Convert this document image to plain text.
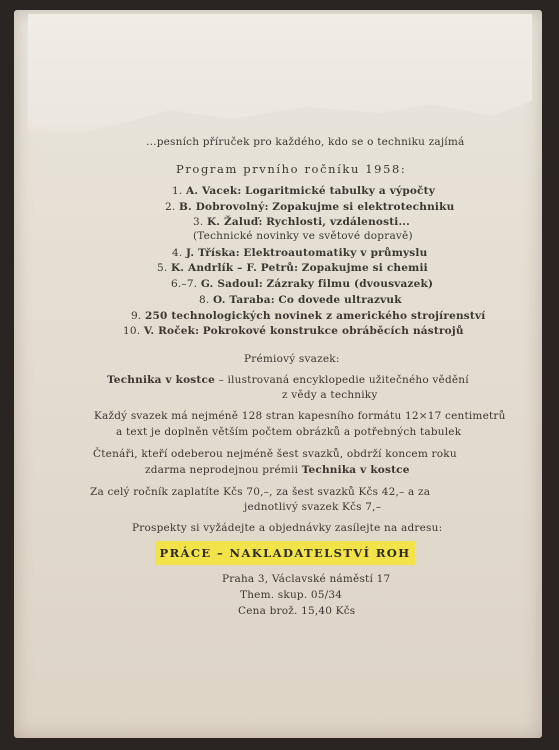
…pesních příruček pro každého, kdo se o techniku zajímá
Program prvního ročníku 1958:
1. A. Vacek: Logaritmické tabulky a výpočty
2. B. Dobrovolný: Zopakujme si elektrotechniku
3. K. Žaluď: Rychlosti, vzdálenosti...
(Technické novinky ve světové dopravě)
4. J. Tříska: Elektroautomatiky v průmyslu
5. K. Andrlík – F. Petrů: Zopakujme si chemii
6.–7. G. Sadoul: Zázraky filmu (dvousvazek)
8. O. Taraba: Co dovede ultrazvuk
9. 250 technologických novinek z amerického strojírenství
10. V. Roček: Pokrokové konstrukce obráběcích nástrojů
Prémiový svazek:
Technika v kostce – ilustrovaná encyklopedie užitečného vědění
z vědy a techniky
Každý svazek má nejméně 128 stran kapesního formátu 12×17 centimetrů
a text je doplněn větším počtem obrázků a potřebných tabulek
Čtenáři, kteří odeberou nejméně šest svazků, obdrží koncem roku
zdarma neprodejnou prémii Technika v kostce
Za celý ročník zaplatíte Kčs 70,–, za šest svazků Kčs 42,– a za
jednotlivý svazek Kčs 7,–
Prospekty si vyžádejte a objednávky zasílejte na adresu:
PRÁCE – NAKLADATELSTVÍ ROH
Praha 3, Václavské náměstí 17
Them. skup. 05/34
Cena brož. 15,40 Kčs
